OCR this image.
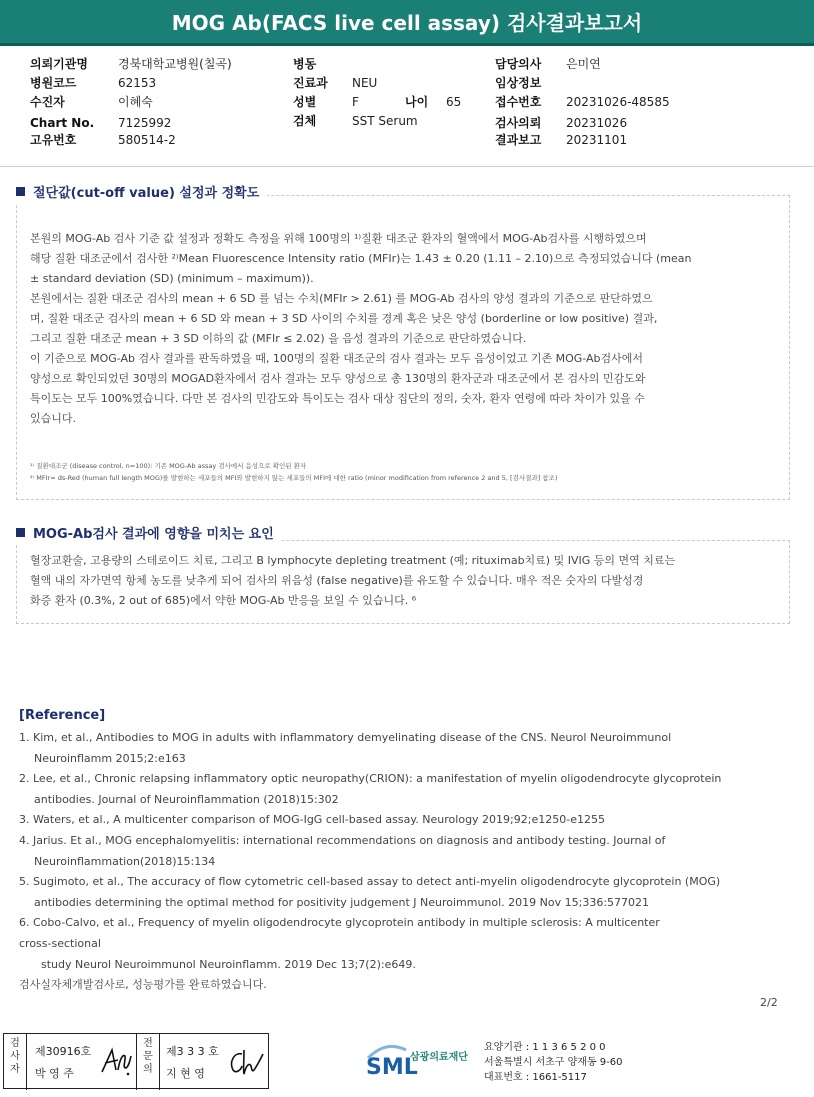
MOG Ab(FACS live cell assay) 검사결과보고서
의뢰기관명	경북대학교병원(칠곡)
병원코드	62153
수진자	이혜숙
Chart No. 7125992
고유번호	580514-2
병동
진료과 NEU
성별	F	나이 65
검체	SST Serum
담당의사 은미연
임상정보
접수번호 20231026-48585
검사의뢰 20231026
결과보고 20231101
절단값(cut-off value) 설정과 정확도

본원의 MOG-Ab 검사 기준 값 설정과 정확도 측정을 위해 100명의 ¹⁾질환 대조군 환자의 혈액에서 MOG-Ab검사를 시행하였으며

해당 질환 대조군에서 검사한 ²⁾Mean Fluorescence Intensity ratio (MFIr)는 1.43 ± 0.20 (1.11 – 2.10)으로 측정되었습니다 (mean

± standard deviation (SD) (minimum – maximum)).

본원에서는 질환 대조군 검사의 mean + 6 SD 를 넘는 수치(MFIr > 2.61) 를 MOG-Ab 검사의 양성 결과의 기준으로 판단하였으

며, 질환 대조군 검사의 mean + 6 SD 와 mean + 3 SD 사이의 수치를 경계 혹은 낮은 양성 (borderline or low positive) 결과,

그리고 질환 대조군 mean + 3 SD 이하의 값 (MFIr ≤ 2.02) 을 음성 결과의 기준으로 판단하였습니다.

이 기준으로 MOG-Ab 검사 결과를 판독하였을 때, 100명의 질환 대조군의 검사 결과는 모두 음성이었고 기존 MOG-Ab검사에서

양성으로 확인되었던 30명의 MOGAD환자에서 검사 결과는 모두 양성으로 총 130명의 환자군과 대조군에서 본 검사의 민감도와

특이도는 모두 100%였습니다. 다만 본 검사의 민감도와 특이도는 검사 대상 집단의 정의, 숫자, 환자 연령에 따라 차이가 있을 수

있습니다.

¹⁾ 질환대조군 (disease control, n=100): 기존 MOG-Ab assay 검사에서 음성으로 확인된 환자
²⁾ MFIr= ds-Red (human full length MOG)를 발현하는 세포들의 MFI와 발현하지 않는 세포들의 MFI에 대한 ratio (minor modification from reference 2 and 5, [검사결과] 참조)
MOG-Ab검사 결과에 영향을 미치는 요인

혈장교환술, 고용량의 스테로이드 치료, 그리고 B lymphocyte depleting treatment (예; rituximab치료) 및 IVIG 등의 면역 치료는

혈액 내의 자가면역 항체 농도를 낮추게 되어 검사의 위음성 (false negative)를 유도할 수 있습니다. 매우 적은 숫자의 다발성경

화증 환자 (0.3%, 2 out of 685)에서 약한 MOG-Ab 반응을 보일 수 있습니다. ⁶

[Reference]

1. Kim, et al., Antibodies to MOG in adults with inflammatory demyelinating disease of the CNS. Neurol Neuroimmunol

Neuroinflamm 2015;2:e163

2. Lee, et al., Chronic relapsing inflammatory optic neuropathy(CRION): a manifestation of myelin oligodendrocyte glycoprotein

antibodies. Journal of Neuroinflammation (2018)15:302

3. Waters, et al., A multicenter comparison of MOG-IgG cell-based assay. Neurology 2019;92;e1250-e1255

4. Jarius. Et al., MOG encephalomyelitis: international recommendations on diagnosis and antibody testing. Journal of

Neuroinflammation(2018)15:134

5. Sugimoto, et al., The accuracy of flow cytometric cell-based assay to detect anti-myelin oligodendrocyte glycoprotein (MOG)

antibodies determining the optimal method for positivity judgement J Neuroimmunol. 2019 Nov 15;336:577021

6. Cobo-Calvo, et al., Frequency of myelin oligodendrocyte glycoprotein antibody in multiple sclerosis: A multicenter

cross-sectional

study Neurol Neuroimmunol Neuroinflamm. 2019 Dec 13;7(2):e649.

검사실자체개발검사로, 성능평가를 완료하였습니다.

2/2
검사자
제30916호
박 영 주
전문의
제3 3 3 호
지 현 영	SML
삼광의료재단
요양기관 : 1 1 3 6 5 2 0 0
서울특별시 서초구 양재동 9-60
대표번호 : 1661-5117
